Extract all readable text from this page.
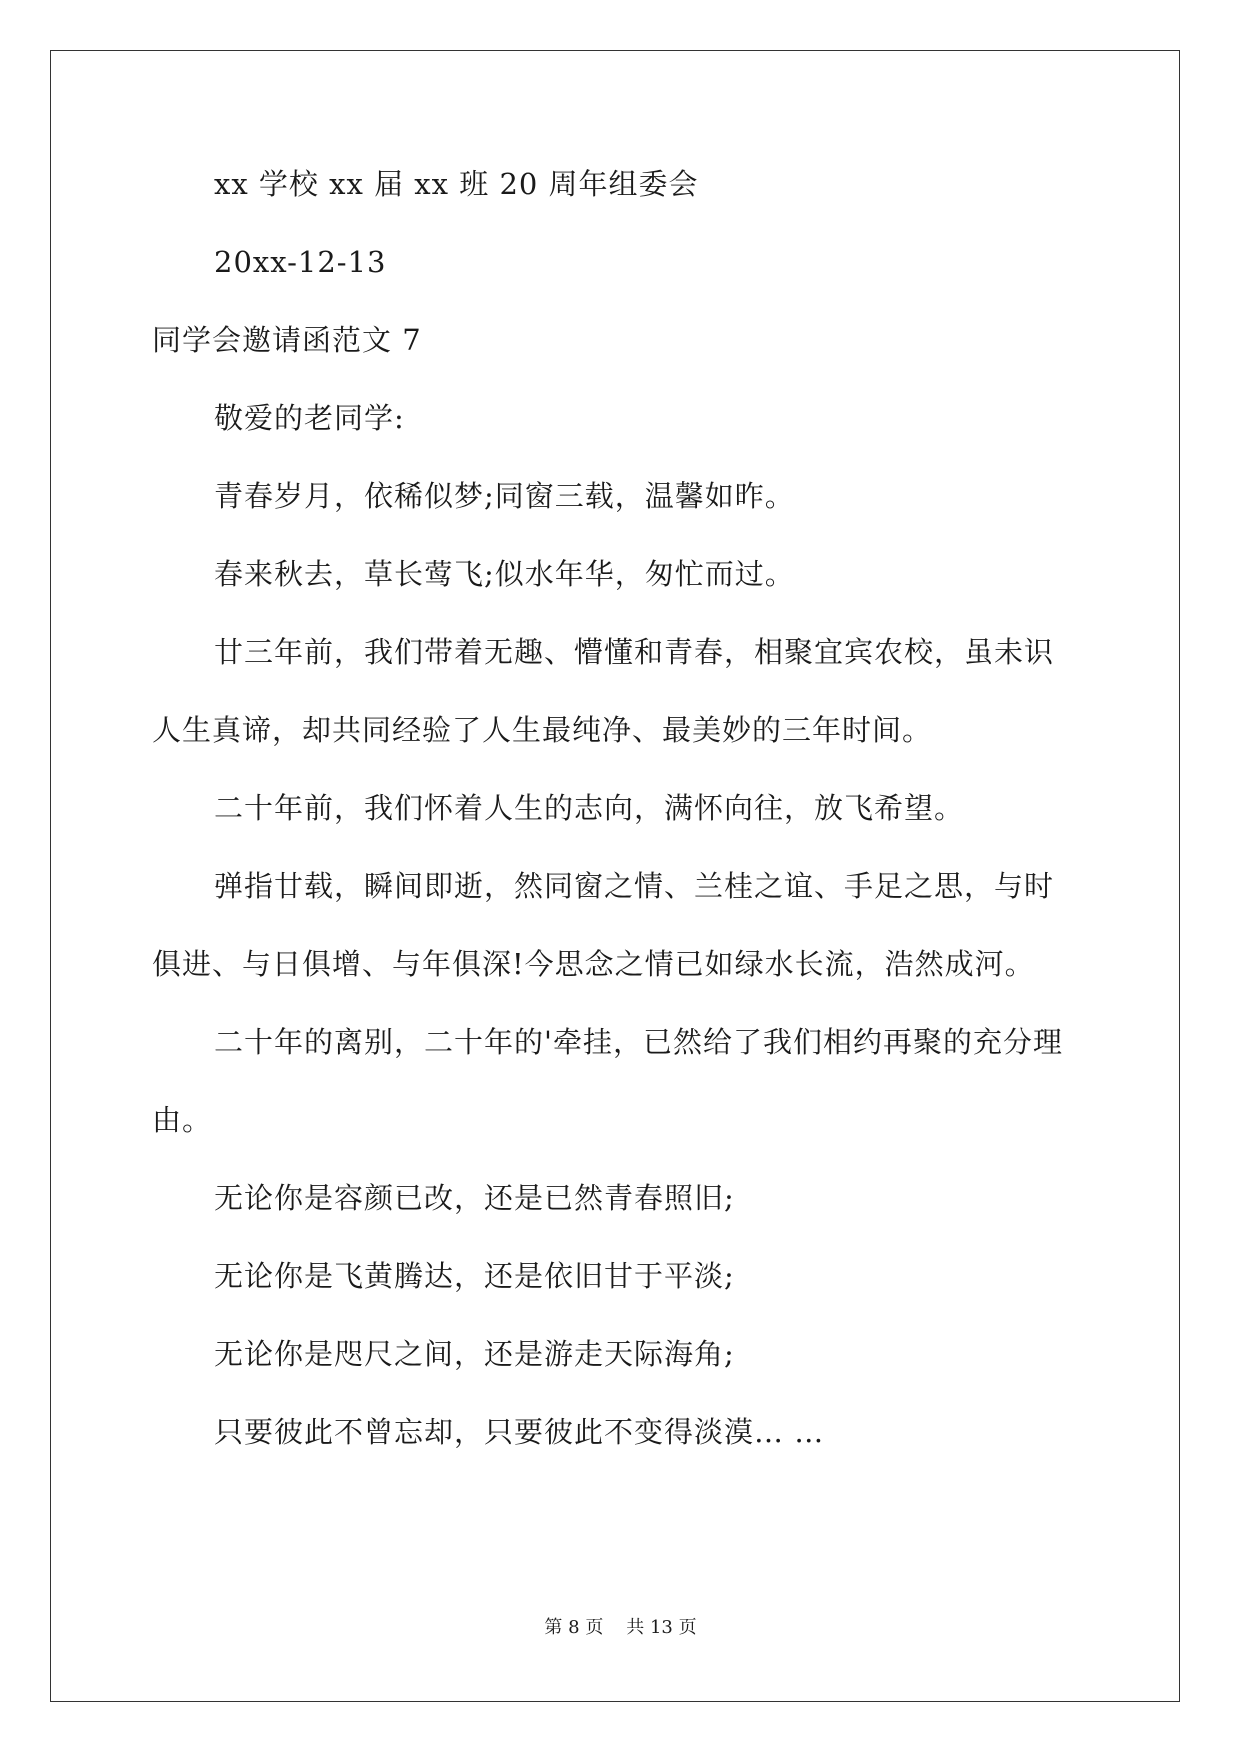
xx 学校 xx 届 xx 班 20 周年组委会
20xx-12-13
同学会邀请函范文 7
敬爱的老同学:
青春岁月，依稀似梦;同窗三载，温馨如昨。
春来秋去，草长莺飞;似水年华，匆忙而过。
廿三年前，我们带着无趣、懵懂和青春，相聚宜宾农校，虽未识
人生真谛，却共同经验了人生最纯净、最美妙的三年时间。
二十年前，我们怀着人生的志向，满怀向往，放飞希望。
弹指廿载，瞬间即逝，然同窗之情、兰桂之谊、手足之思，与时
俱进、与日俱增、与年俱深!今思念之情已如绿水长流，浩然成河。
二十年的离别，二十年的'牵挂，已然给了我们相约再聚的充分理
由。
无论你是容颜已改，还是已然青春照旧;
无论你是飞黄腾达，还是依旧甘于平淡;
无论你是咫尺之间，还是游走天际海角;
只要彼此不曾忘却，只要彼此不变得淡漠… …
第 8 页 共 13 页
